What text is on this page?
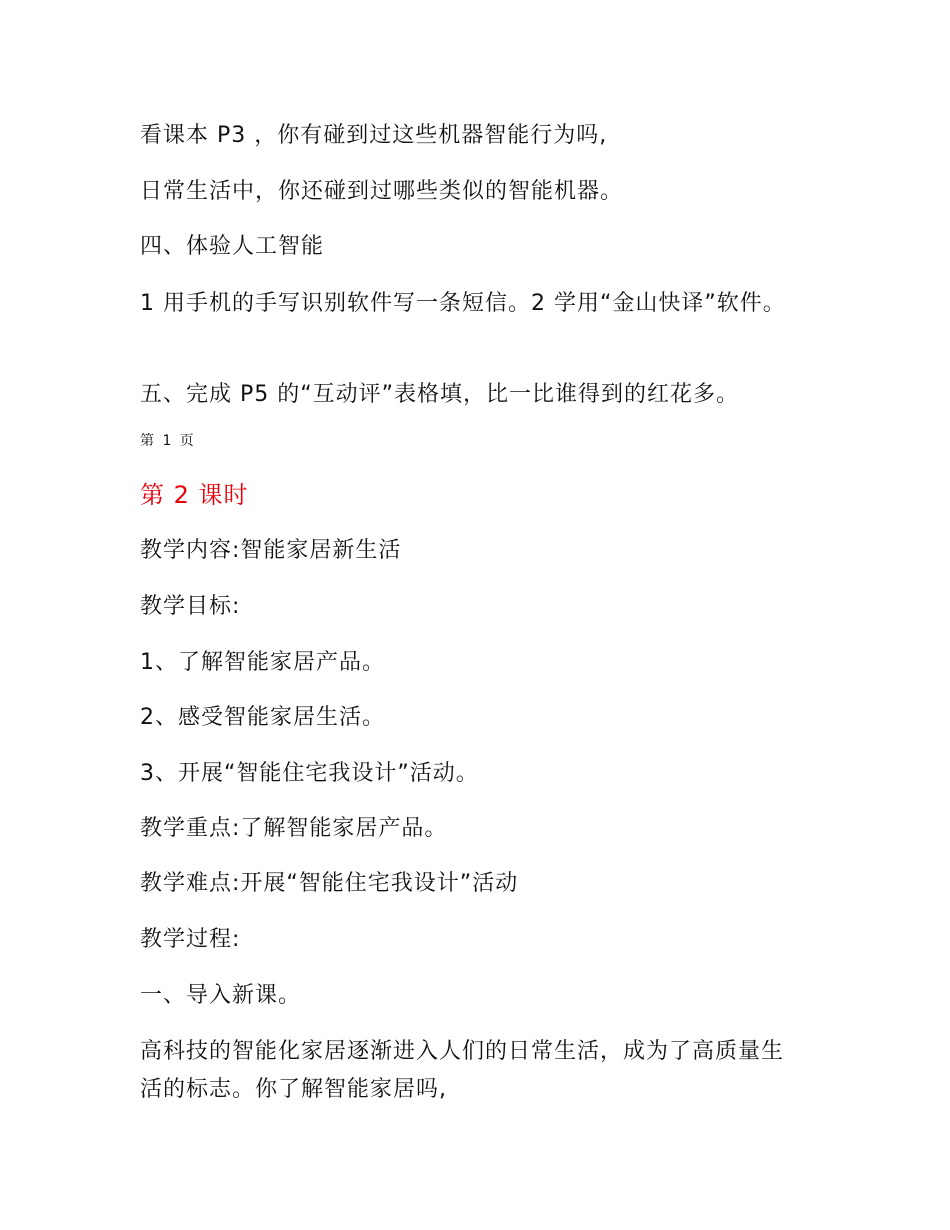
看课本 P3 ，你有碰到过这些机器智能行为吗,
日常生活中，你还碰到过哪些类似的智能机器。
四、体验人工智能
1 用手机的手写识别软件写一条短信。2 学用“金山快译”软件。
五、完成 P5 的“互动评”表格填，比一比谁得到的红花多。
第 1 页
第 2 课时
教学内容:智能家居新生活
教学目标:
1、了解智能家居产品。
2、感受智能家居生活。
3、开展“智能住宅我设计”活动。
教学重点:了解智能家居产品。
教学难点:开展“智能住宅我设计”活动
教学过程:
一、导入新课。
高科技的智能化家居逐渐进入人们的日常生活，成为了高质量生活的标志。你了解智能家居吗,
